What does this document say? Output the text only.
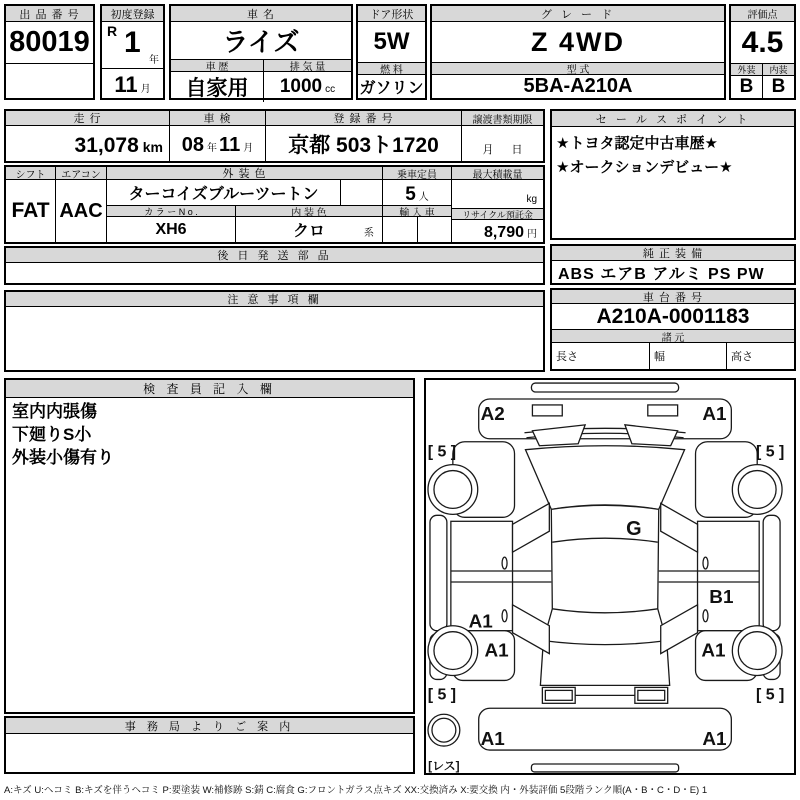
出 品 番 号
80019
初度登録
R 1
年
11 月
車 名
ライズ
車 歴	排 気 量
自家用	1000 cc
ドア形状
5W
燃 料
ガソリン
グ レ ー ド
Z 4WD
型 式
5BA-A210A
評価点
4.5
外装	内装
B B
走 行
31,078 km
車 検
08 年 11 月
登 録 番 号
京都 503ト1720
譲渡書類期限
月 日
セ ー ル ス ポ イ ン ト
★トヨタ認定中古車歴★
★オークションデビュー★
シフト
FAT
エアコン
AAC
外 装 色
ターコイズブルーツートン
カ ラ ー N o .	内 装 色
XH6	クロ	系
乗車定員
5 人
輸 入 車
最大積載量
kg
リサイクル預託金
8,790 円
後 日 発 送 部 品	純 正 装 備
ABS エアB アルミ PS PW
注 意 事 項 欄	車 台 番 号
A210A-0001183
諸 元
長さ	幅	高さ
検 査 員 記 入 欄
室内内張傷
下廻りS小
外装小傷有り
事 務 局 よ り ご 案 内
A2	A1
[ 5 ]	[ 5 ]
G
A1
B1
A1	A1
[ 5 ]	[ 5 ]
A1	A1
[レス]
A:キズ U:ヘコミ B:キズを伴うヘコミ P:要塗装 W:補修跡 S:錆 C:腐食 G:フロントガラス点キズ XX:交換済み X:要交換 内・外装評価 5段階ランク順(A・B・C・D・E) 1
